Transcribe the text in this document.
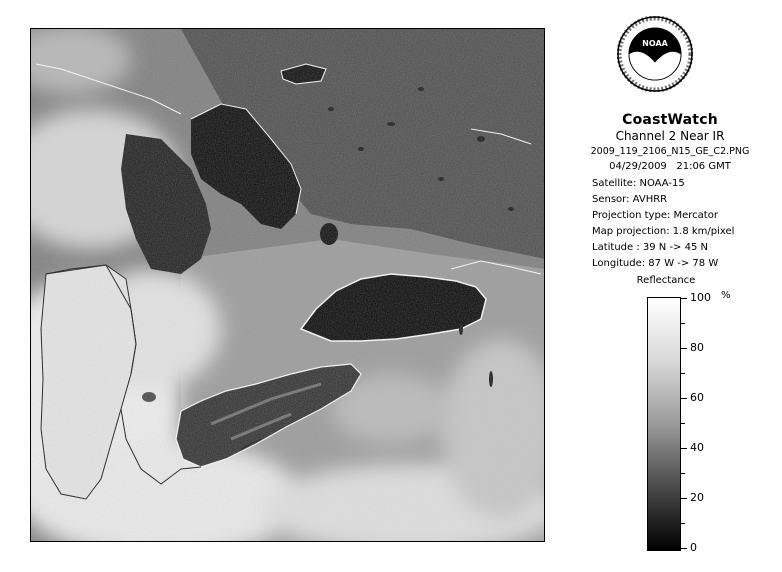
NOAA
CoastWatch
Channel 2 Near IR
2009_119_2106_N15_GE_C2.PNG
04/29/2009 21:06 GMT
Satellite: NOAA-15
Sensor: AVHRR
Projection type: Mercator
Map projection: 1.8 km/pixel
Latitude : 39 N -> 45 N
Longitude: 87 W -> 78 W
Reflectance
%
100
80
60
40
20
0
